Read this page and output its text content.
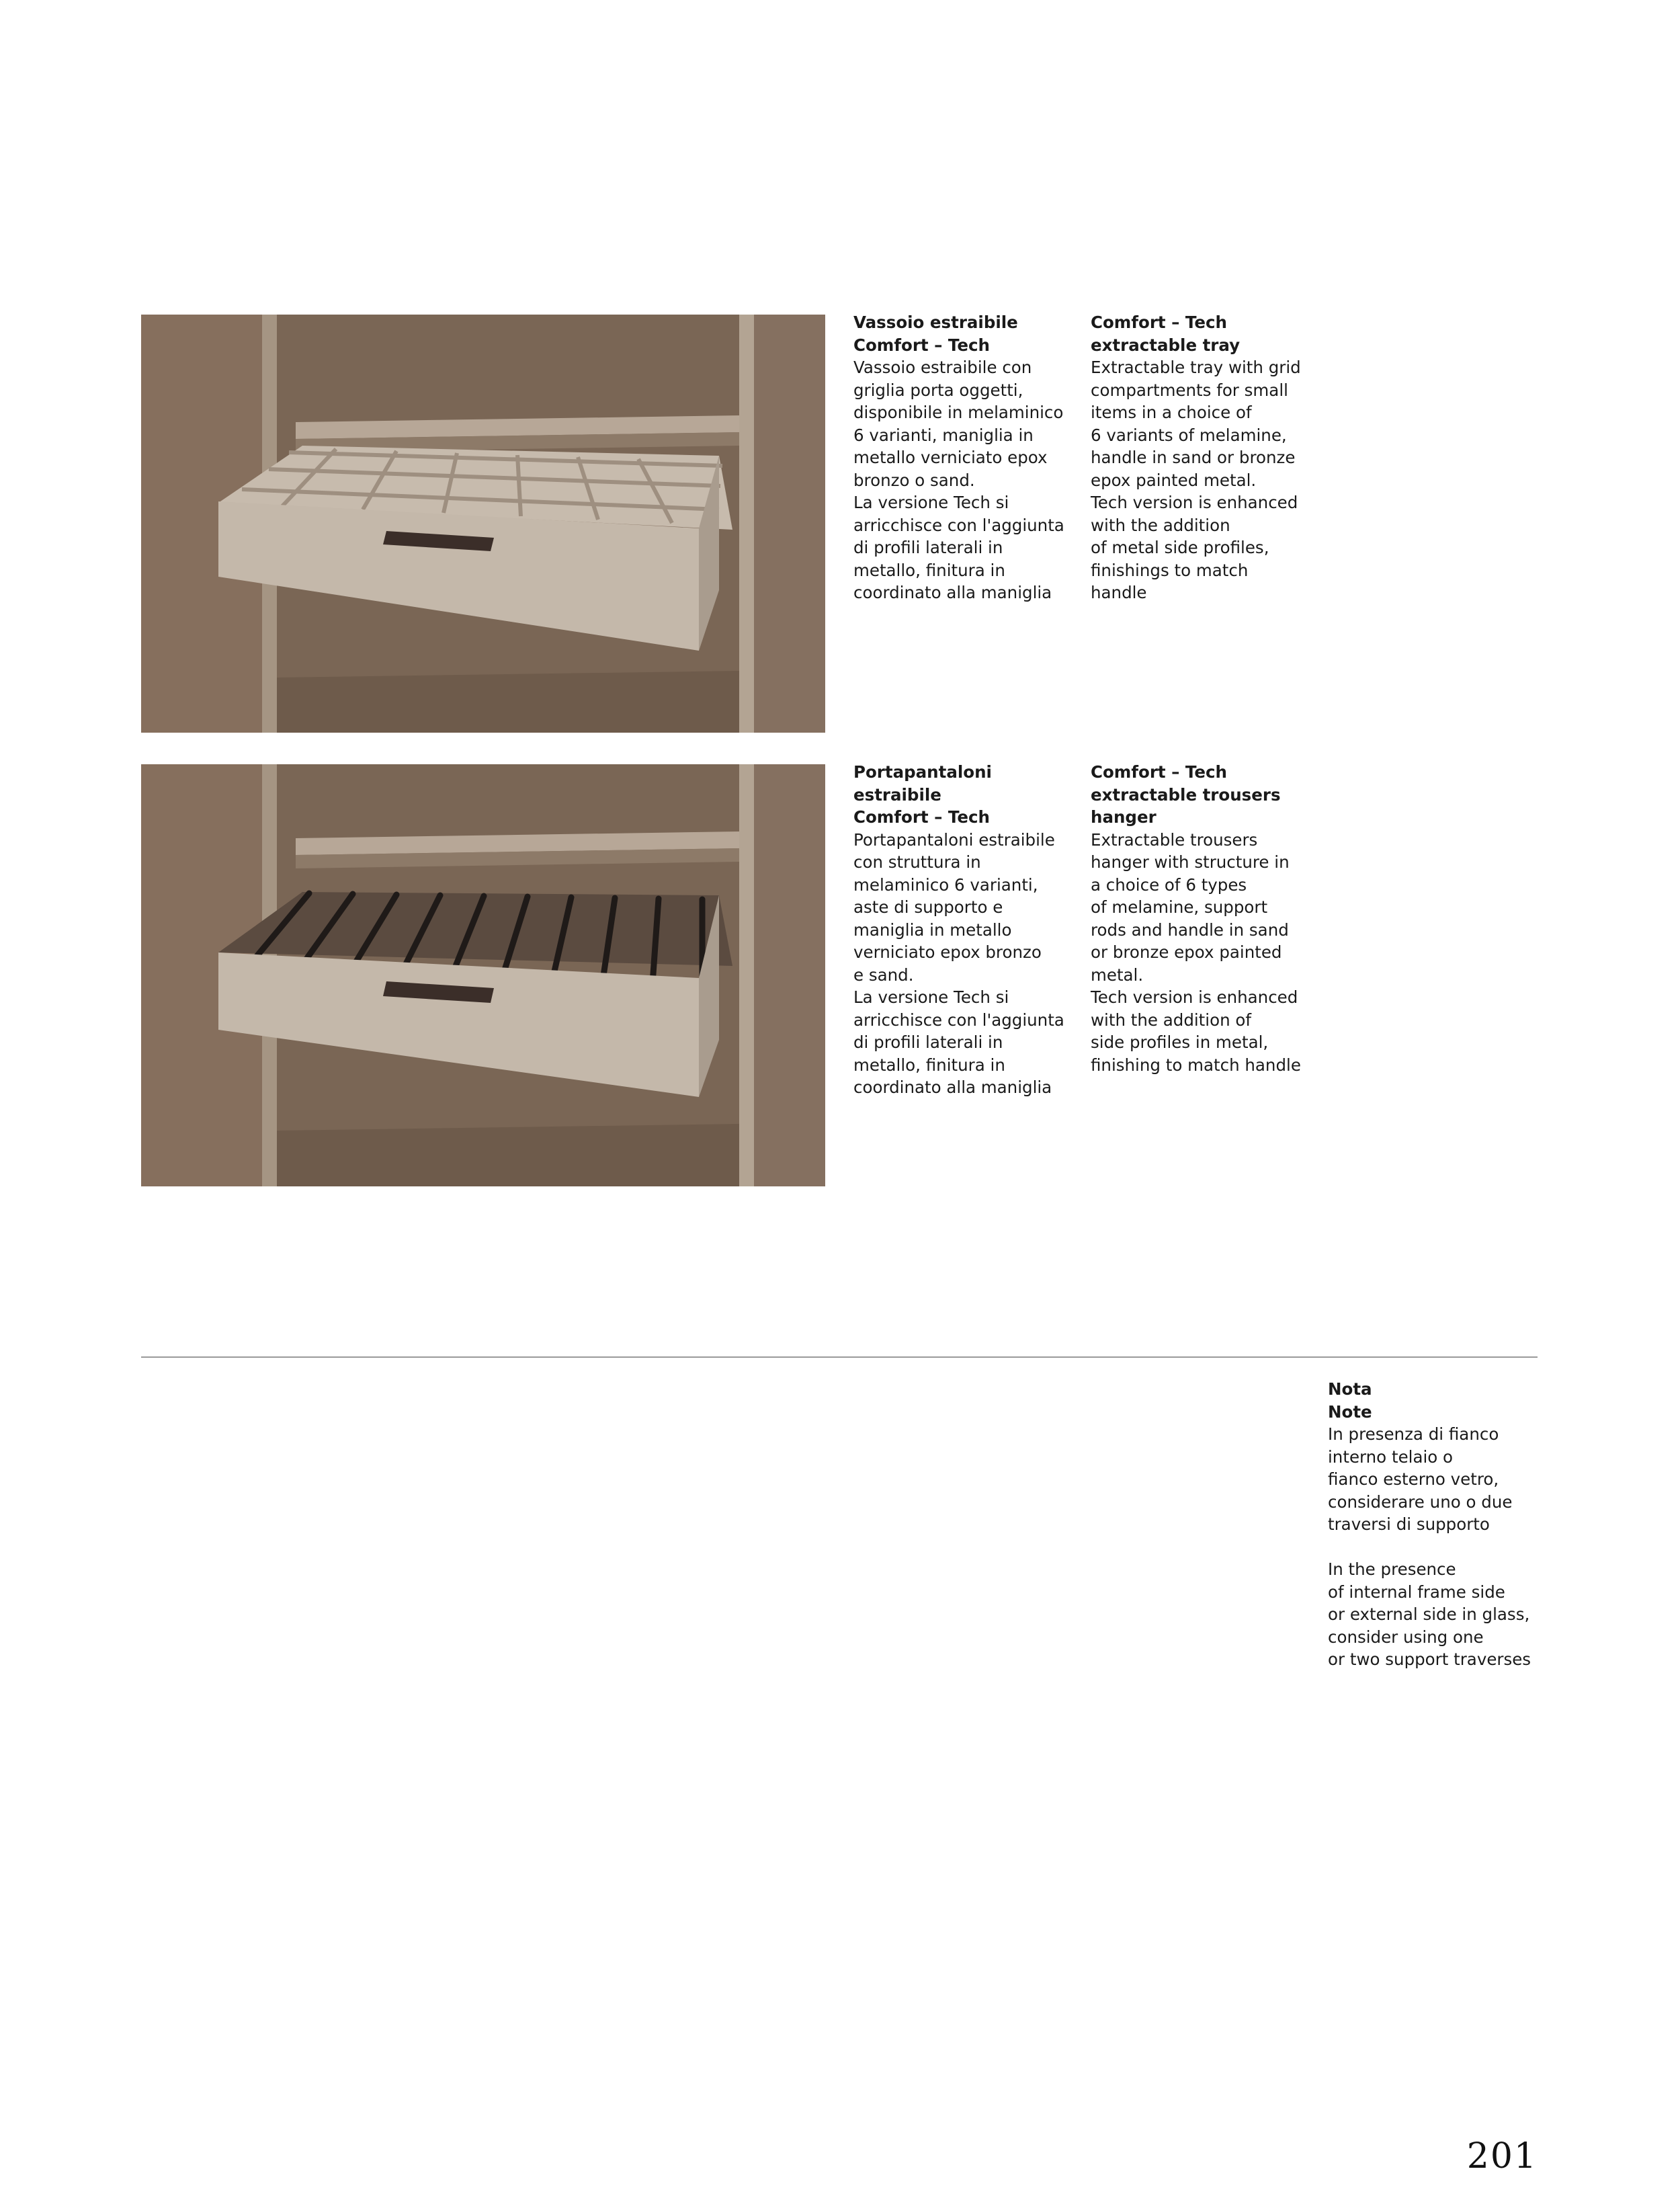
Vassoio estraibile
Comfort – Tech
Vassoio estraibile con
griglia porta oggetti,
disponibile in melaminico
6 varianti, maniglia in
metallo verniciato epox
bronzo o sand.
La versione Tech si
arricchisce con l'aggiunta
di profili laterali in
metallo, finitura in
coordinato alla maniglia
Comfort – Tech
extractable tray
Extractable tray with grid
compartments for small
items in a choice of
6 variants of melamine,
handle in sand or bronze
epox painted metal.
Tech version is enhanced
with the addition
of metal side profiles,
finishings to match
handle
Portapantaloni estraibile
Comfort – Tech
Portapantaloni estraibile
con struttura in
melaminico 6 varianti,
aste di supporto e
maniglia in metallo
verniciato epox bronzo
e sand.
La versione Tech si
arricchisce con l'aggiunta
di profili laterali in
metallo, finitura in
coordinato alla maniglia
Comfort – Tech
extractable trousers
hanger
Extractable trousers
hanger with structure in
a choice of 6 types
of melamine, support
rods and handle in sand
or bronze epox painted
metal.
Tech version is enhanced
with the addition of
side profiles in metal,
finishing to match handle
Nota
Note
In presenza di fianco
interno telaio o
fianco esterno vetro,
considerare uno o due
traversi di supporto
In the presence
of internal frame side
or external side in glass,
consider using one
or two support traverses
201
